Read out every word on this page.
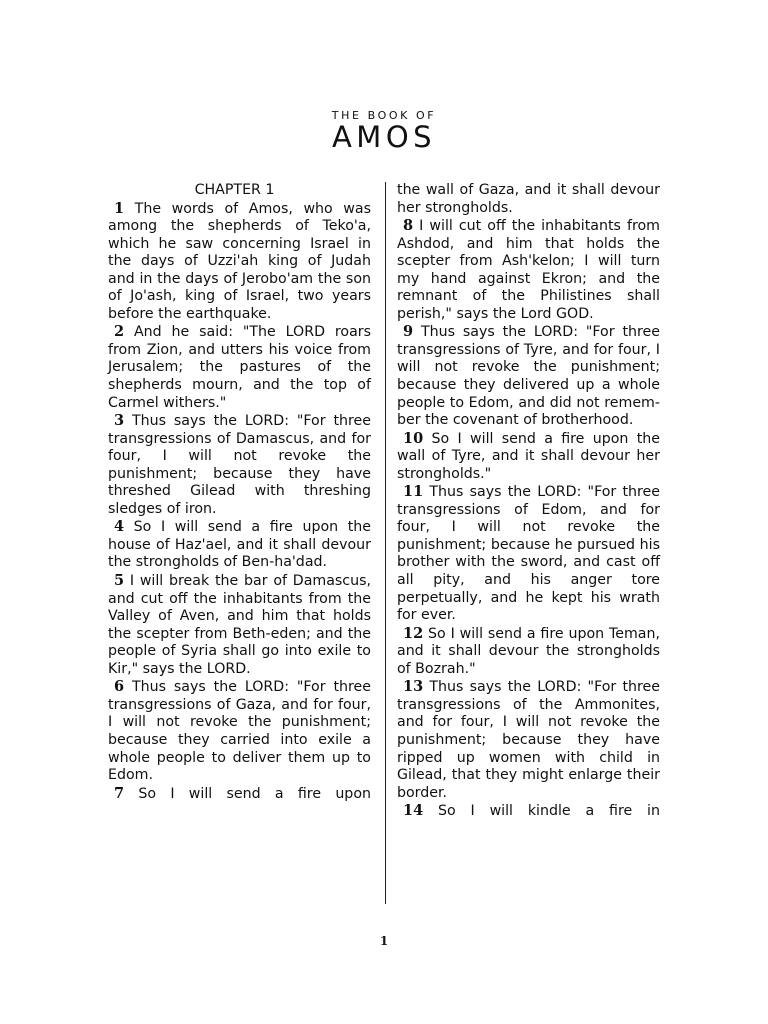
THE BOOK OF
AMOS

CHAPTER 1

1 The words of Amos, who was among the shepherds of Teko'a, which he saw concerning Israel in the days of Uzzi'ah king of Judah and in the days of Jerobo'am the son of Jo'ash, king of Israel, two years before the earthquake.

2 And he said: "The LORD roars from Zion, and utters his voice from Jerusalem; the pastures of the shepherds mourn, and the top of Carmel withers."

3 Thus says the LORD: "For three transgressions of Damascus, and for four, I will not revoke the punishment; because they have threshed Gilead with threshing sledges of iron.

4 So I will send a fire upon the house of Haz'ael, and it shall devour the strongholds of Ben-ha'dad.

5 I will break the bar of Damascus, and cut off the inhabitants from the Valley of Aven, and him that holds the scepter from Beth-eden; and the people of Syria shall go into exile to Kir," says the LORD.

6 Thus says the LORD: "For three transgressions of Gaza, and for four, I will not revoke the punishment; because they carried into exile a whole people to deliver them up to Edom.

7 So I will send a fire upon

the wall of Gaza, and it shall devour her strongholds.

8 I will cut off the inhabitants from Ashdod, and him that holds the scepter from Ash'kelon; I will turn my hand against Ekron; and the remnant of the Philistines shall perish," says the Lord GOD.

9 Thus says the LORD: "For three transgressions of Tyre, and for four, I will not revoke the punishment; because they delivered up a whole people to Edom, and did not remember the covenant of brotherhood.

10 So I will send a fire upon the wall of Tyre, and it shall devour her strongholds."

11 Thus says the LORD: "For three transgressions of Edom, and for four, I will not revoke the punishment; because he pursued his brother with the sword, and cast off all pity, and his anger tore perpetually, and he kept his wrath for ever.

12 So I will send a fire upon Teman, and it shall devour the strongholds of Bozrah."

13 Thus says the LORD: "For three transgressions of the Ammonites, and for four, I will not revoke the punishment; because they have ripped up women with child in Gilead, that they might enlarge their border.

14 So I will kindle a fire in

1
